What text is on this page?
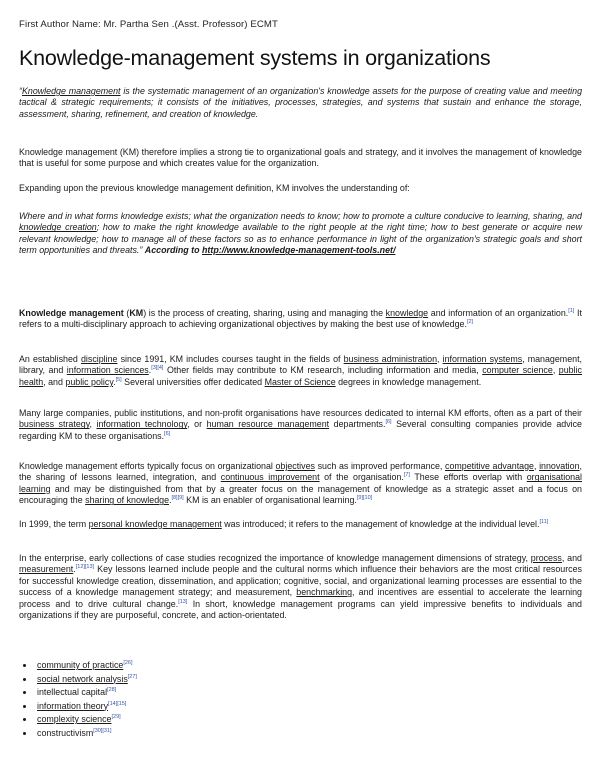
First Author Name: Mr. Partha Sen .(Asst. Professor) ECMT
Knowledge-management systems in organizations
“Knowledge management is the systematic management of an organization's knowledge assets for the purpose of creating value and meeting tactical & strategic requirements; it consists of the initiatives, processes, strategies, and systems that sustain and enhance the storage, assessment, sharing, refinement, and creation of knowledge.
Knowledge management (KM) therefore implies a strong tie to organizational goals and strategy, and it involves the management of knowledge that is useful for some purpose and which creates value for the organization.
Expanding upon the previous knowledge management definition, KM involves the understanding of:
Where and in what forms knowledge exists; what the organization needs to know; how to promote a culture conducive to learning, sharing, and knowledge creation; how to make the right knowledge available to the right people at the right time; how to best generate or acquire new relevant knowledge; how to manage all of these factors so as to enhance performance in light of the organization's strategic goals and short term opportunities and threats.” According to http://www.knowledge-management-tools.net/
Knowledge management (KM) is the process of creating, sharing, using and managing the knowledge and information of an organization.[1] It refers to a multi-disciplinary approach to achieving organizational objectives by making the best use of knowledge.[2]
An established discipline since 1991, KM includes courses taught in the fields of business administration, information systems, management, library, and information sciences.[3][4] Other fields may contribute to KM research, including information and media, computer science, public health, and public policy.[5] Several universities offer dedicated Master of Science degrees in knowledge management.
Many large companies, public institutions, and non-profit organisations have resources dedicated to internal KM efforts, often as a part of their business strategy, information technology, or human resource management departments.[6] Several consulting companies provide advice regarding KM to these organisations.[6]
Knowledge management efforts typically focus on organizational objectives such as improved performance, competitive advantage, innovation, the sharing of lessons learned, integration, and continuous improvement of the organisation.[7] These efforts overlap with organisational learning and may be distinguished from that by a greater focus on the management of knowledge as a strategic asset and a focus on encouraging the sharing of knowledge.[8][9] KM is an enabler of organisational learning.[9][10]
In 1999, the term personal knowledge management was introduced; it refers to the management of knowledge at the individual level.[11]
In the enterprise, early collections of case studies recognized the importance of knowledge management dimensions of strategy, process, and measurement.[12][13] Key lessons learned include people and the cultural norms which influence their behaviors are the most critical resources for successful knowledge creation, dissemination, and application; cognitive, social, and organizational learning processes are essential to the success of a knowledge management strategy; and measurement, benchmarking, and incentives are essential to accelerate the learning process and to drive cultural change.[13] In short, knowledge management programs can yield impressive benefits to individuals and organizations if they are purposeful, concrete, and action-orientated.
• community of practice[26]
• social network analysis[27]
• intellectual capital[28]
• information theory[14][15]
• complexity science[29]
• constructivism[30][31]
